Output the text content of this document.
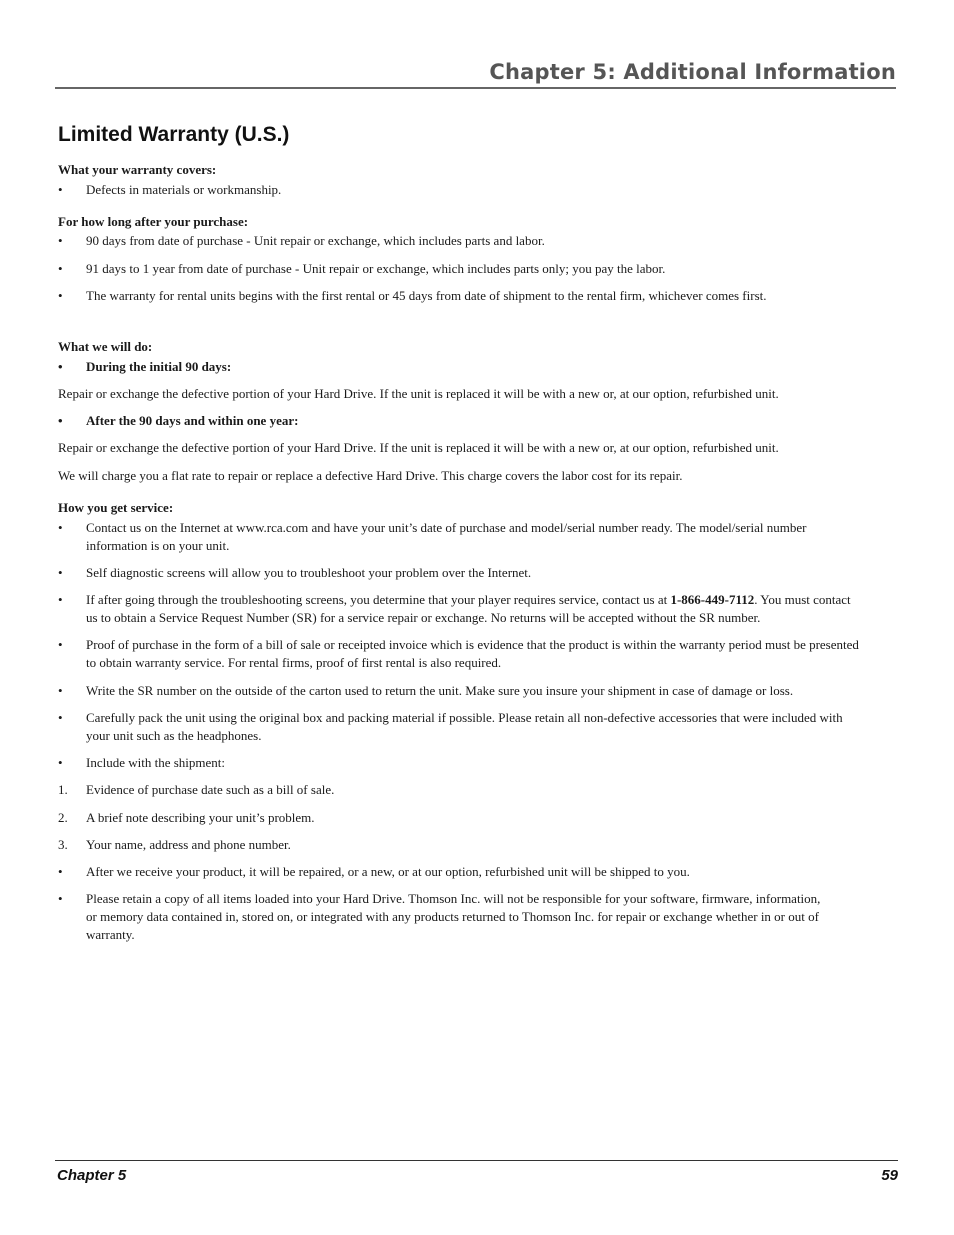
Chapter 5: Additional Information
Limited Warranty (U.S.)
What your warranty covers:
• Defects in materials or workmanship.
For how long after your purchase:
• 90 days from date of purchase - Unit repair or exchange, which includes parts and labor.
• 91 days to 1 year from date of purchase - Unit repair or exchange, which includes parts only; you pay the labor.
• The warranty for rental units begins with the first rental or 45 days from date of shipment to the rental firm, whichever comes first.
What we will do:
• During the initial 90 days:
Repair or exchange the defective portion of your Hard Drive. If the unit is replaced it will be with a new or, at our option, refurbished unit.
• After the 90 days and within one year:
Repair or exchange the defective portion of your Hard Drive. If the unit is replaced it will be with a new or, at our option, refurbished unit.
We will charge you a flat rate to repair or replace a defective Hard Drive. This charge covers the labor cost for its repair.
How you get service:
• Contact us on the Internet at www.rca.com and have your unit’s date of purchase and model/serial number ready. The model/serial number
information is on your unit.
• Self diagnostic screens will allow you to troubleshoot your problem over the Internet.
• If after going through the troubleshooting screens, you determine that your player requires service, contact us at 1-866-449-7112. You must contact
us to obtain a Service Request Number (SR) for a service repair or exchange. No returns will be accepted without the SR number.
• Proof of purchase in the form of a bill of sale or receipted invoice which is evidence that the product is within the warranty period must be presented
to obtain warranty service. For rental firms, proof of first rental is also required.
• Write the SR number on the outside of the carton used to return the unit. Make sure you insure your shipment in case of damage or loss.
• Carefully pack the unit using the original box and packing material if possible. Please retain all non-defective accessories that were included with
your unit such as the headphones.
• Include with the shipment:
1. Evidence of purchase date such as a bill of sale.
2. A brief note describing your unit’s problem.
3. Your name, address and phone number.
• After we receive your product, it will be repaired, or a new, or at our option, refurbished unit will be shipped to you.
• Please retain a copy of all items loaded into your Hard Drive. Thomson Inc. will not be responsible for your software, firmware, information,
or memory data contained in, stored on, or integrated with any products returned to Thomson Inc. for repair or exchange whether in or out of
warranty.
Chapter 5	59
